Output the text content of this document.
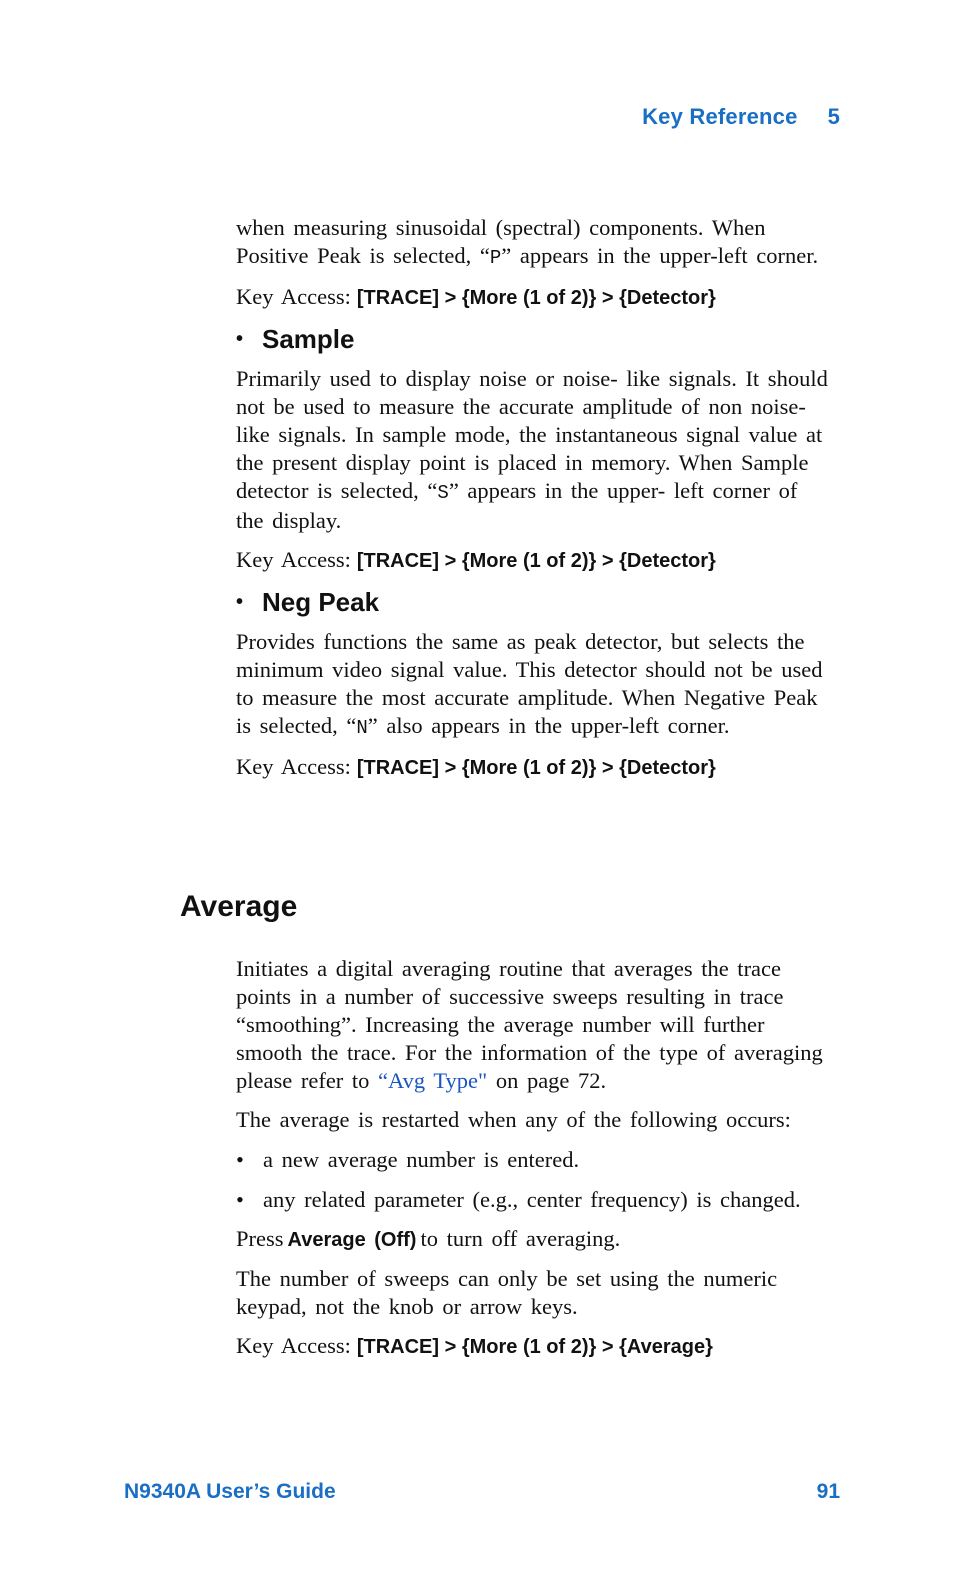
Key Reference 5

when measuring sinusoidal (spectral) components. When Positive Peak is selected, “P” appears in the upper-left corner.

Key Access: [TRACE] > {More (1 of 2)} > {Detector}

• Sample

Primarily used to display noise or noise- like signals. It should not be used to measure the accurate amplitude of non noise-like signals. In sample mode, the instantaneous signal value at the present display point is placed in memory. When Sample detector is selected, “S” appears in the upper- left corner of the display.

Key Access: [TRACE] > {More (1 of 2)} > {Detector}

• Neg Peak

Provides functions the same as peak detector, but selects the minimum video signal value. This detector should not be used to measure the most accurate amplitude. When Negative Peak is selected, “N” also appears in the upper-left corner.

Key Access: [TRACE] > {More (1 of 2)} > {Detector}

Average

Initiates a digital averaging routine that averages the trace points in a number of successive sweeps resulting in trace “smoothing”. Increasing the average number will further smooth the trace. For the information of the type of averaging please refer to “Avg Type" on page 72.

The average is restarted when any of the following occurs:

• a new average number is entered.

• any related parameter (e.g., center frequency) is changed.

Press Average (Off) to turn off averaging.

The number of sweeps can only be set using the numeric keypad, not the knob or arrow keys.

Key Access: [TRACE] > {More (1 of 2)} > {Average}

N9340A User’s Guide	91
